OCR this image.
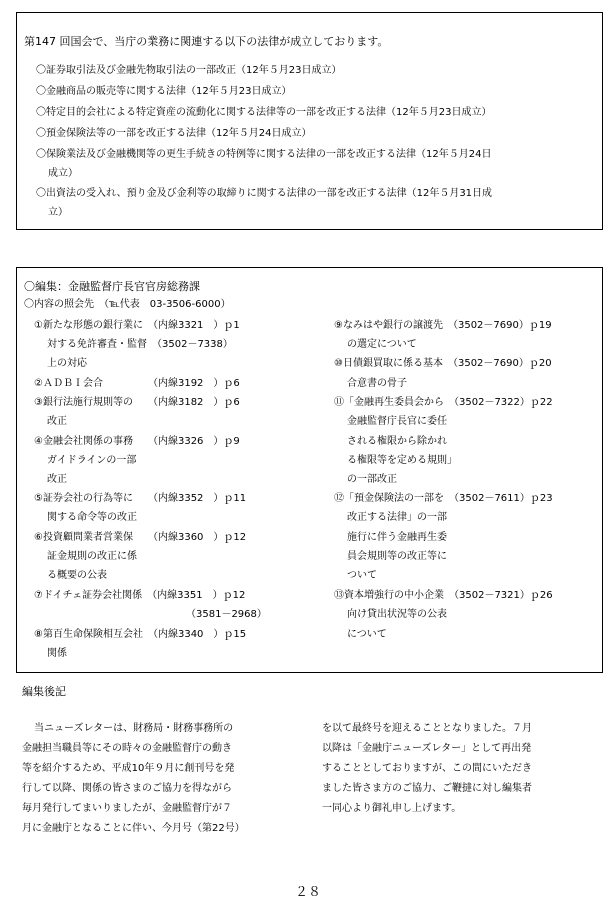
第147 回国会で、当庁の業務に関連する以下の法律が成立しております。
〇証券取引法及び金融先物取引法の一部改正（12年５月23日成立）
〇金融商品の販売等に関する法律（12年５月23日成立）
〇特定目的会社による特定資産の流動化に関する法律等の一部を改正する法律（12年５月23日成立）
〇預金保険法等の一部を改正する法律（12年５月24日成立）
〇保険業法及び金融機関等の更生手続きの特例等に関する法律の一部を改正する法律（12年５月24日
成立）
〇出資法の受入れ、預り金及び金利等の取締りに関する法律の一部を改正する法律（12年５月31日成
立）
〇編集：金融監督庁長官官房総務課
〇内容の照会先　（℡代表　03-3506-6000）
①新たな形態の銀行業に　（内線3321　）ｐ1
対する免許審査・監督　（3502－7338）
上の対応
②ＡＤＢＩ会合　　　　　（内線3192　）ｐ6
③銀行法施行規則等の　　（内線3182　）ｐ6
改正
④金融会社関係の事務　　（内線3326　）ｐ9
ガイドラインの一部
改正
⑤証券会社の行為等に　　（内線3352　）ｐ11
関する命令等の改正
⑥投資顧問業者営業保　　（内線3360　）ｐ12
証金規則の改正に係
る概要の公表
⑦ドイチェ証券会社関係　（内線3351　）ｐ12
（3581－2968）
⑧第百生命保険相互会社　（内線3340　）ｐ15
関係
⑨なみはや銀行の譲渡先　（3502－7690）ｐ19
の選定について
⑩日債銀買取に係る基本　（3502－7690）ｐ20
合意書の骨子
⑪「金融再生委員会から　（3502－7322）ｐ22
金融監督庁長官に委任
される権限から除かれ
る権限等を定める規則」
の一部改正
⑫「預金保険法の一部を　（3502－7611）ｐ23
改正する法律」の一部
施行に伴う金融再生委
員会規則等の改正等に
ついて
⑬資本増強行の中小企業　（3502－7321）ｐ26
向け貸出状況等の公表
について
編集後記
当ニューズレターは、財務局・財務事務所の
金融担当職員等にその時々の金融監督庁の動き
等を紹介するため、平成10年９月に創刊号を発
行して以降、関係の皆さまのご協力を得ながら
毎月発行してまいりましたが、金融監督庁が７
月に金融庁となることに伴い、今月号（第22号）
を以て最終号を迎えることとなりました。７月
以降は「金融庁ニューズレター」として再出発
することとしておりますが、この間にいただき
ました皆さま方のご協力、ご鞭撻に対し編集者
一同心より御礼申し上げます。
２８
